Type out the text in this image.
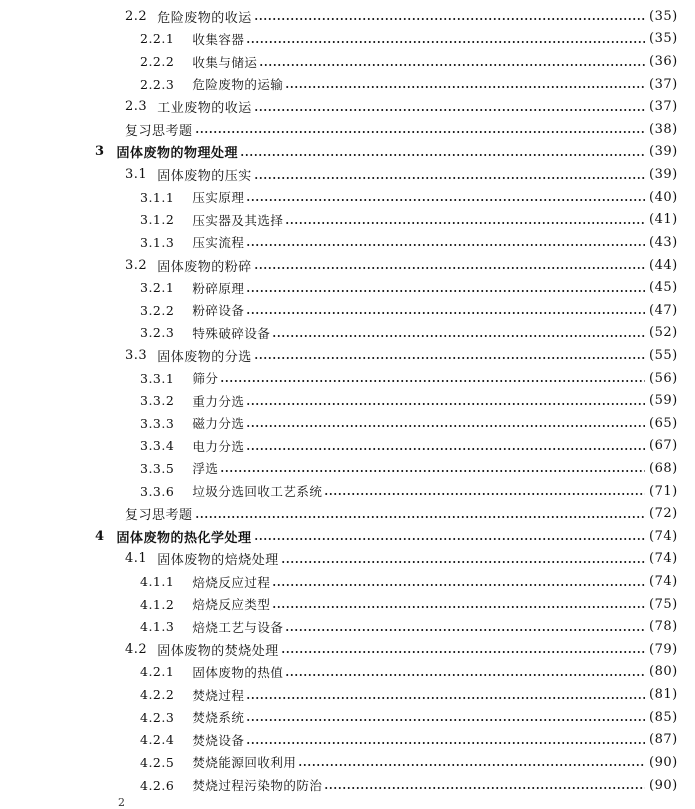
2.2 危险废物的收运	(35)
2.2.1 收集容器	(35)
2.2.2 收集与储运	(36)
2.2.3 危险废物的运输	(37)
2.3 工业废物的收运	(37)
复习思考题	(38)
3 固体废物的物理处理	(39)
3.1 固体废物的压实	(39)
3.1.1 压实原理	(40)
3.1.2 压实器及其选择	(41)
3.1.3 压实流程	(43)
3.2 固体废物的粉碎	(44)
3.2.1 粉碎原理	(45)
3.2.2 粉碎设备	(47)
3.2.3 特殊破碎设备	(52)
3.3 固体废物的分选	(55)
3.3.1 筛分	(56)
3.3.2 重力分选	(59)
3.3.3 磁力分选	(65)
3.3.4 电力分选	(67)
3.3.5 浮选	(68)
3.3.6 垃圾分选回收工艺系统	(71)
复习思考题	(72)
4 固体废物的热化学处理	(74)
4.1 固体废物的焙烧处理	(74)
4.1.1 焙烧反应过程	(74)
4.1.2 焙烧反应类型	(75)
4.1.3 焙烧工艺与设备	(78)
4.2 固体废物的焚烧处理	(79)
4.2.1 固体废物的热值	(80)
4.2.2 焚烧过程	(81)
4.2.3 焚烧系统	(85)
4.2.4 焚烧设备	(87)
4.2.5 焚烧能源回收利用	(90)
4.2.6 焚烧过程污染物的防治	(90)
2
